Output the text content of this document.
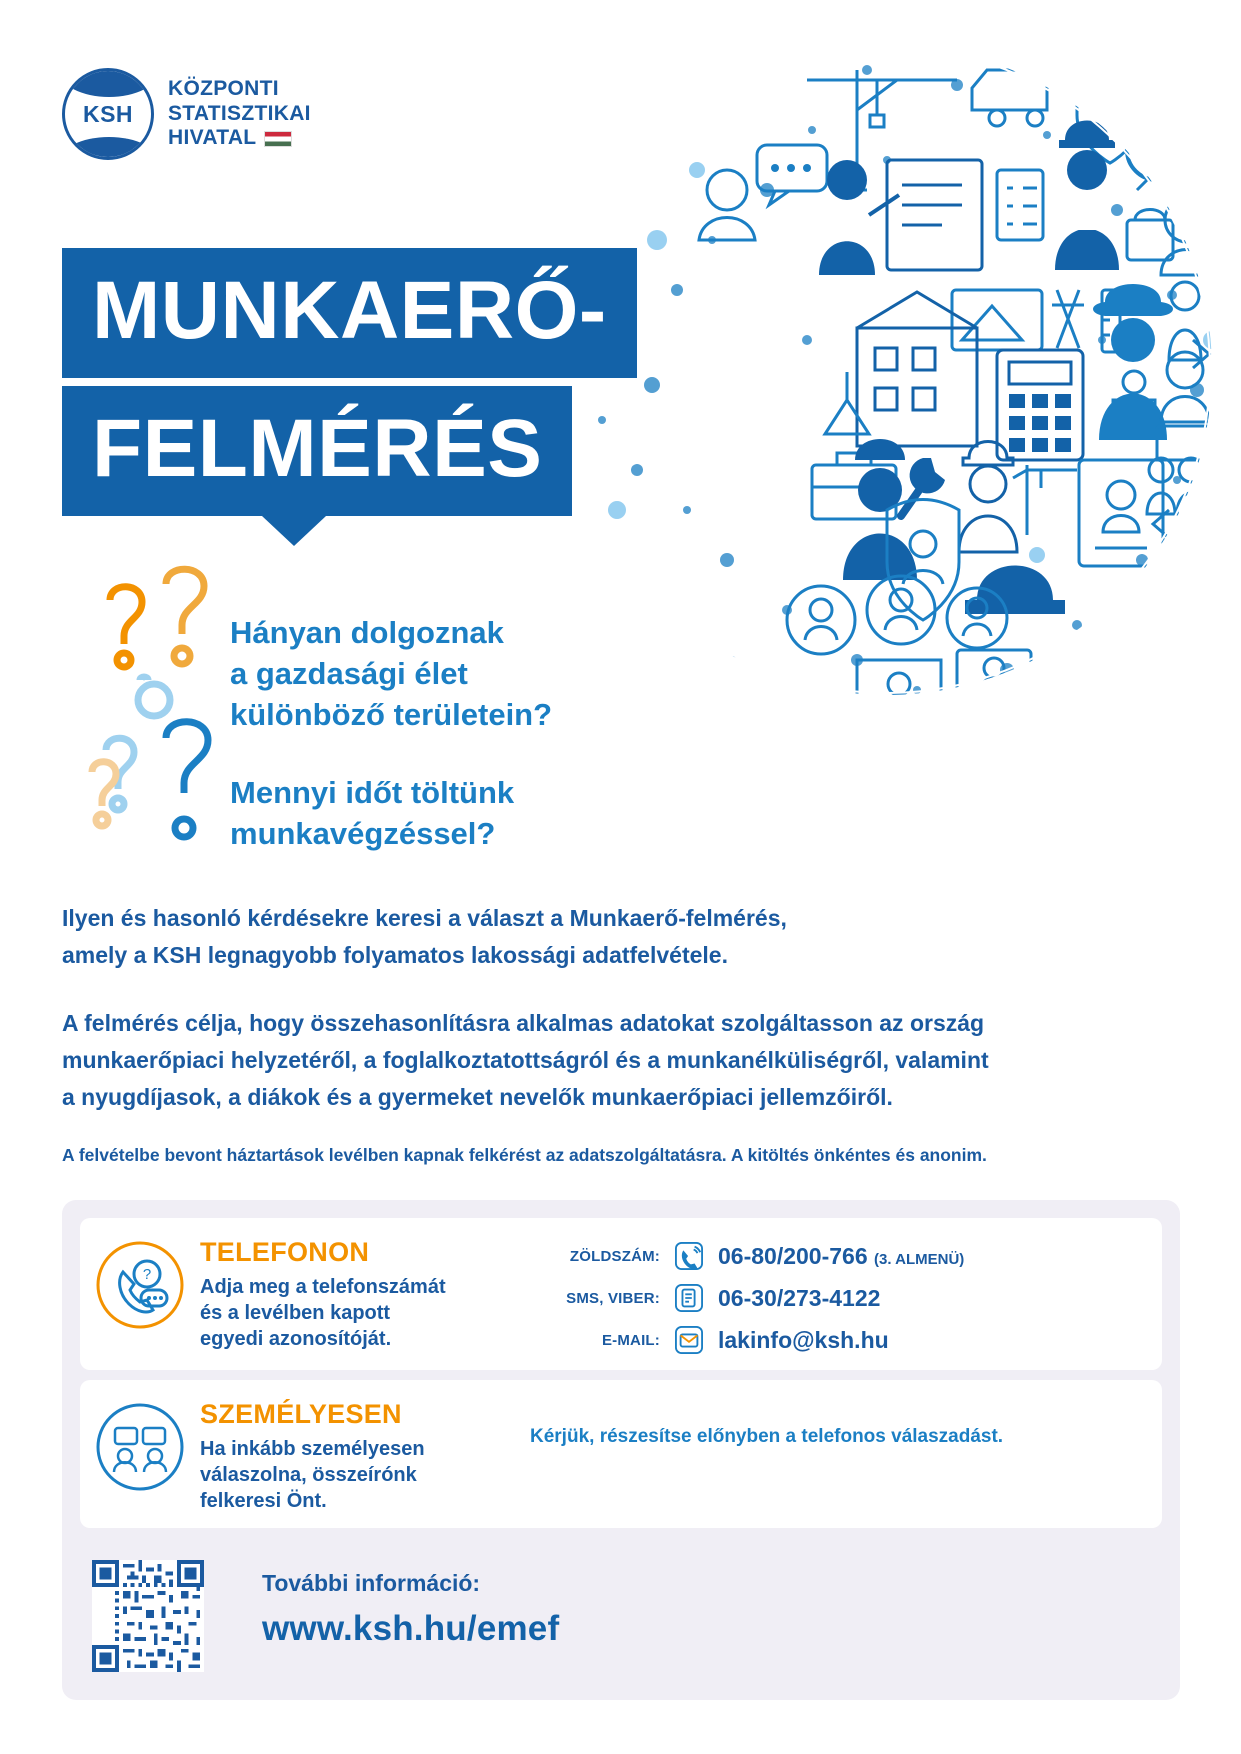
KSH
KÖZPONTI
STATISZTIKAI
HIVATAL
MUNKAERŐ-
FELMÉRÉS
Hányan dolgoznak
a gazdasági élet
különböző területein?
Mennyi időt töltünk
munkavégzéssel?

Ilyen és hasonló kérdésekre keresi a választ a Munkaerő-felmérés,
amely a KSH legnagyobb folyamatos lakossági adatfelvétele.

A felmérés célja, hogy összehasonlításra alkalmas adatokat szolgáltasson az ország
munkaerőpiaci helyzetéről, a foglalkoztatottságról és a munkanélküliségről, valamint
a nyugdíjasok, a diákok és a gyermeket nevelők munkaerőpiaci jellemzőiről.

A felvételbe bevont háztartások levélben kapnak felkérést az adatszolgáltatásra. A kitöltés önkéntes és anonim.

?
TELEFONON
Adja meg a telefonszámát
és a levélben kapott
egyedi azonosítóját.
ZÖLDSZÁM:	06-80/200-766 (3. ALMENÜ)
SMS, VIBER:	06-30/273-4122
E-MAIL:	lakinfo@ksh.hu
SZEMÉLYESEN
Ha inkább személyesen
válaszolna, összeírónk
felkeresi Önt.
Kérjük, részesítse előnyben a telefonos válaszadást.
További információ:
www.ksh.hu/emef
